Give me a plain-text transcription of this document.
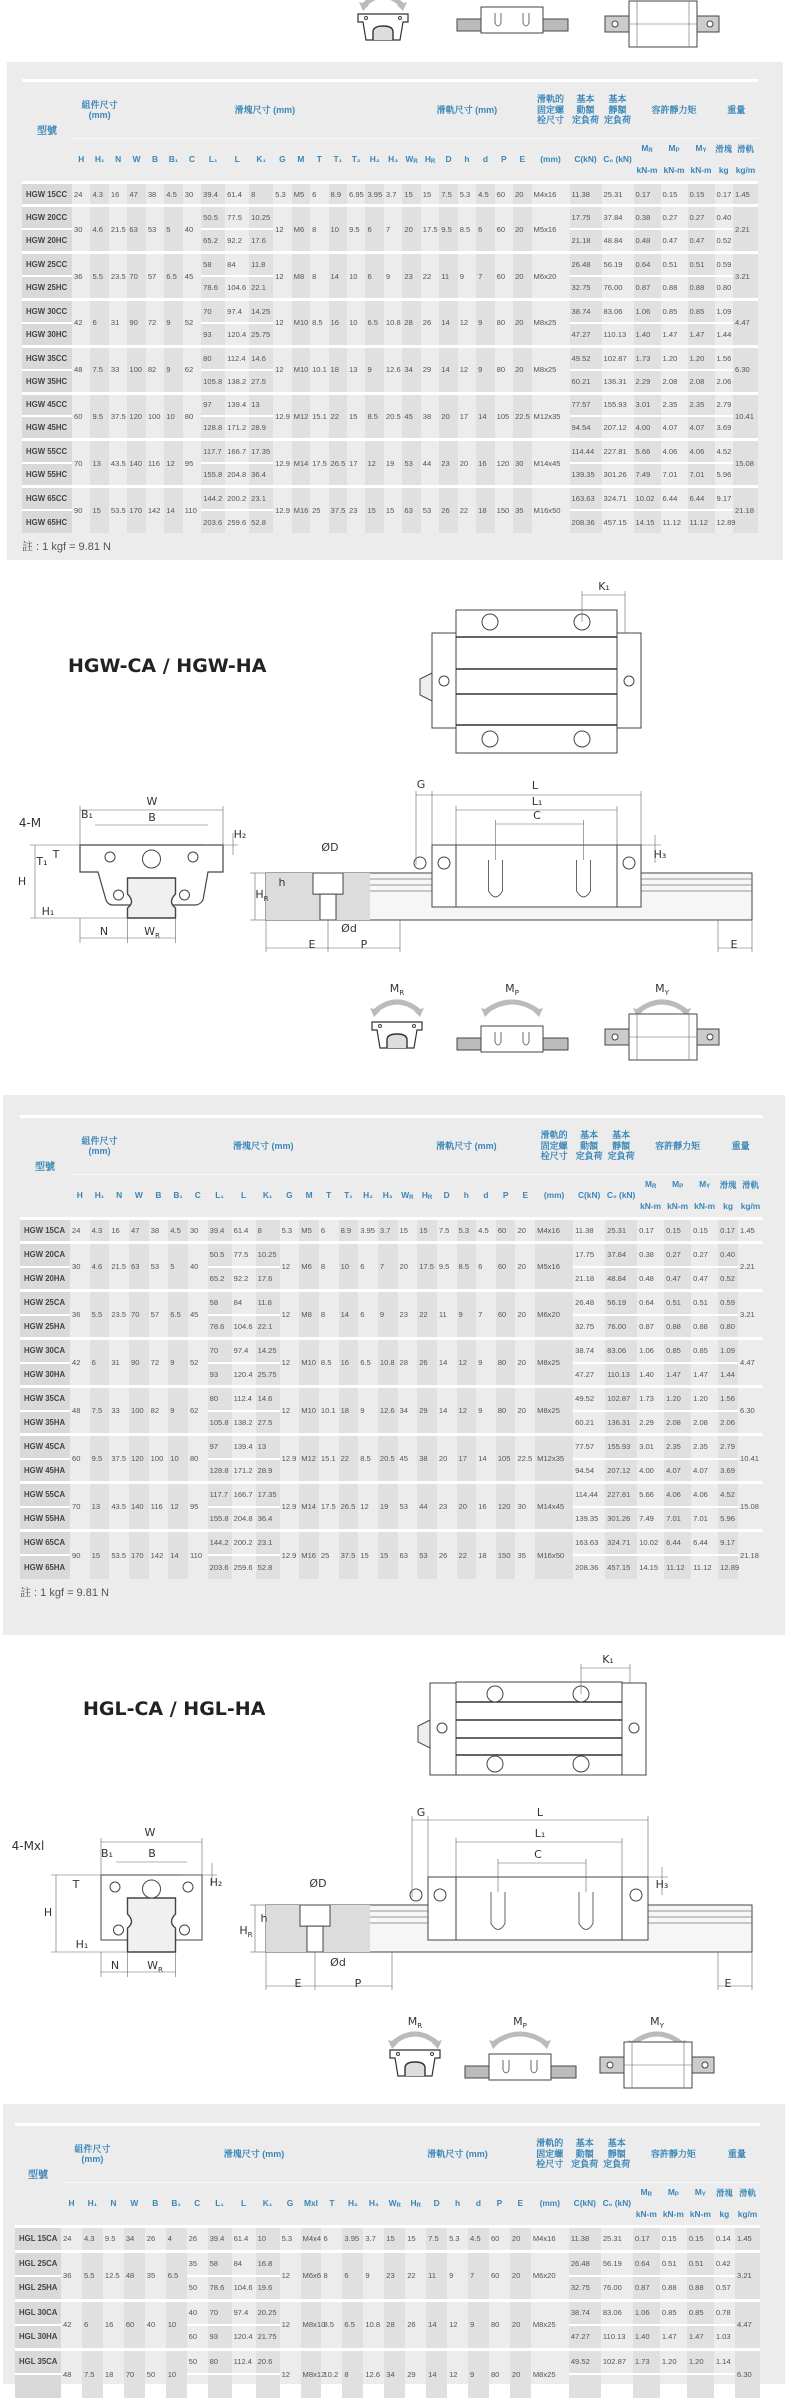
型號	組件尺寸
(mm)			滑塊尺寸 (mm)														滑軌尺寸 (mm)							滑軌的
固定螺
栓尺寸	基本
動額
定負荷	基本
靜額
定負荷	容許靜力矩			重量	
	H	H₁	N	W	B	B₁	C	L₁	L	K₁	G	M	T	T₁	T₂	H₂	H₃	$W_R$	$H_R$	D	h	d	P	E	(mm)	C(kN)	C₀ (kN)	$M_R$	$M_P$	$M_Y$	滑塊	滑軌
																												kN-m	kN-m	kN-m	kg	kg/m
HGW 15CC	24	4.3	16	47	38	4.5	30	39.4	61.4	8	5.3	M5	6	8.9	6.95	3.95	3.7	15	15	7.5	5.3	4.5	60	20	M4x16	11.38	25.31	0.17	0.15	0.15	0.17	1.45
HGW 20CC	30	4.6	21.5	63	53	5	40	50.5	77.5	10.25	12	M6	8	10	9.5	6	7	20	17.5	9.5	8.5	6	60	20	M5x16	17.75	37.84	0.38	0.27	0.27	0.40	2.21
HGW 20HC								65.2	92.2	17.6																21.18	48.84	0.48	0.47	0.47	0.52	
HGW 25CC	36	5.5	23.5	70	57	6.5	45	58	84	11.8	12	M8	8	14	10	6	9	23	22	11	9	7	60	20	M6x20	26.48	56.19	0.64	0.51	0.51	0.59	3.21
HGW 25HC								78.6	104.6	22.1																32.75	76.00	0.87	0.88	0.88	0.80	
HGW 30CC	42	6	31	90	72	9	52	70	97.4	14.25	12	M10	8.5	16	10	6.5	10.8	28	26	14	12	9	80	20	M8x25	38.74	83.06	1.06	0.85	0.85	1.09	4.47
HGW 30HC								93	120.4	25.75																47.27	110.13	1.40	1.47	1.47	1.44	
HGW 35CC	48	7.5	33	100	82	9	62	80	112.4	14.6	12	M10	10.1	18	13	9	12.6	34	29	14	12	9	80	20	M8x25	49.52	102.87	1.73	1.20	1.20	1.56	6.30
HGW 35HC								105.8	138.2	27.5																60.21	136.31	2.29	2.08	2.08	2.06	
HGW 45CC	60	9.5	37.5	120	100	10	80	97	139.4	13	12.9	M12	15.1	22	15	8.5	20.5	45	38	20	17	14	105	22.5	M12x35	77.57	155.93	3.01	2.35	2.35	2.79	10.41
HGW 45HC								128.8	171.2	28.9																94.54	207.12	4.00	4.07	4.07	3.69	
HGW 55CC	70	13	43.5	140	116	12	95	117.7	166.7	17.35	12.9	M14	17.5	26.5	17	12	19	53	44	23	20	16	120	30	M14x45	114.44	227.81	5.66	4.06	4.06	4.52	15.08
HGW 55HC								155.8	204.8	36.4																139.35	301.26	7.49	7.01	7.01	5.96	
HGW 65CC	90	15	53.5	170	142	14	110	144.2	200.2	23.1	12.9	M16	25	37.5	23	15	15	63	53	26	22	18	150	35	M16x50	163.63	324.71	10.02	6.44	6.44	9.17	21.18
HGW 65HC								203.6	259.6	52.8																208.36	457.15	14.15	11.12	11.12	12.89	
註 : 1 kgf = 9.81 N
HGW-CA / HGW-HA
K₁
W
B
B₁
4-M
H₂
H
T
T₁
H₁
N	$W_R$
G	L
L₁
C
H₃
ØD
h
$H_R$
Ød
E	P	E
$M_R$	$M_P$	$M_Y$
型號	組件尺寸
(mm)			滑塊尺寸 (mm)													滑軌尺寸 (mm)							滑軌的
固定螺
栓尺寸	基本
動額
定負荷	基本
靜額
定負荷	容許靜力矩			重量	
	H	H₁	N	W	B	B₁	C	L₁	L	K₁	G	M	T	T₁	H₂	H₃	$W_R$	$H_R$	D	h	d	P	E	(mm)	C(kN)	C₀ (kN)	$M_R$	$M_P$	$M_Y$	滑塊	滑軌
																											kN-m	kN-m	kN-m	kg	kg/m
HGW 15CA	24	4.3	16	47	38	4.5	30	39.4	61.4	8	5.3	M5	6	8.9	3.95	3.7	15	15	7.5	5.3	4.5	60	20	M4x16	11.38	25.31	0.17	0.15	0.15	0.17	1.45
HGW 20CA	30	4.6	21.5	63	53	5	40	50.5	77.5	10.25	12	M6	8	10	6	7	20	17.5	9.5	8.5	6	60	20	M5x16	17.75	37.84	0.38	0.27	0.27	0.40	2.21
HGW 20HA								65.2	92.2	17.6															21.18	48.84	0.48	0.47	0.47	0.52	
HGW 25CA	36	5.5	23.5	70	57	6.5	45	58	84	11.8	12	M8	8	14	6	9	23	22	11	9	7	60	20	M6x20	26.48	56.19	0.64	0.51	0.51	0.59	3.21
HGW 25HA								78.6	104.6	22.1															32.75	76.00	0.87	0.88	0.88	0.80	
HGW 30CA	42	6	31	90	72	9	52	70	97.4	14.25	12	M10	8.5	16	6.5	10.8	28	26	14	12	9	80	20	M8x25	38.74	83.06	1.06	0.85	0.85	1.09	4.47
HGW 30HA								93	120.4	25.75															47.27	110.13	1.40	1.47	1.47	1.44	
HGW 35CA	48	7.5	33	100	82	9	62	80	112.4	14.6	12	M10	10.1	18	9	12.6	34	29	14	12	9	80	20	M8x25	49.52	102.87	1.73	1.20	1.20	1.56	6.30
HGW 35HA								105.8	138.2	27.5															60.21	136.31	2.29	2.08	2.08	2.06	
HGW 45CA	60	9.5	37.5	120	100	10	80	97	139.4	13	12.9	M12	15.1	22	8.5	20.5	45	38	20	17	14	105	22.5	M12x35	77.57	155.93	3.01	2.35	2.35	2.79	10.41
HGW 45HA								128.8	171.2	28.9															94.54	207.12	4.00	4.07	4.07	3.69	
HGW 55CA	70	13	43.5	140	116	12	95	117.7	166.7	17.35	12.9	M14	17.5	26.5	12	19	53	44	23	20	16	120	30	M14x45	114.44	227.81	5.66	4.06	4.06	4.52	15.08
HGW 55HA								155.8	204.8	36.4															139.35	301.26	7.49	7.01	7.01	5.96	
HGW 65CA	90	15	53.5	170	142	14	110	144.2	200.2	23.1	12.9	M16	25	37.5	15	15	63	53	26	22	18	150	35	M16x50	163.63	324.71	10.02	6.44	6.44	9.17	21.18
HGW 65HA								203.6	259.6	52.8															208.36	457.15	14.15	11.12	11.12	12.89	
註 : 1 kgf = 9.81 N
HGL-CA / HGL-HA
K₁
W
B
B₁
4-Mxl
H₂
H
T
H₁
N	$W_R$
G	L
L₁
C
H₃
ØD
h
$H_R$
Ød
E	P	E
$M_R$	$M_P$	$M_Y$
型號	組件尺寸
(mm)			滑塊尺寸 (mm)												滑軌尺寸 (mm)							滑軌的
固定螺
栓尺寸	基本
動額
定負荷	基本
靜額
定負荷	容許靜力矩			重量	
	H	H₁	N	W	B	B₁	C	L₁	L	K₁	G	Mxl	T	H₂	H₃	$W_R$	$H_R$	D	h	d	P	E	(mm)	C(kN)	C₀ (kN)	$M_R$	$M_P$	$M_Y$	滑塊	滑軌
																										kN-m	kN-m	kN-m	kg	kg/m
HGL 15CA	24	4.3	9.5	34	26	4	26	39.4	61.4	10	5.3	M4x4	6	3.95	3.7	15	15	7.5	5.3	4.5	60	20	M4x16	11.38	25.31	0.17	0.15	0.15	0.14	1.45
HGL 25CA	36	5.5	12.5	48	35	6.5	35	58	84	16.8	12	M6x6	8	6	9	23	22	11	9	7	60	20	M6x20	26.48	56.19	0.64	0.51	0.51	0.42	3.21
HGL 25HA							50	78.6	104.6	19.6														32.75	76.00	0.87	0.88	0.88	0.57	
HGL 30CA	42	6	16	60	40	10	40	70	97.4	20.25	12	M8x10	8.5	6.5	10.8	28	26	14	12	9	80	20	M8x25	38.74	83.06	1.06	0.85	0.85	0.78	4.47
HGL 30HA							60	93	120.4	21.75														47.27	110.13	1.40	1.47	1.47	1.03	
HGL 35CA	48	7.5	18	70	50	10	50	80	112.4	20.6	12	M8x12	10.2	8	12.6	34	29	14	12	9	80	20	M8x25	49.52	102.87	1.73	1.20	1.20	1.14	6.30
